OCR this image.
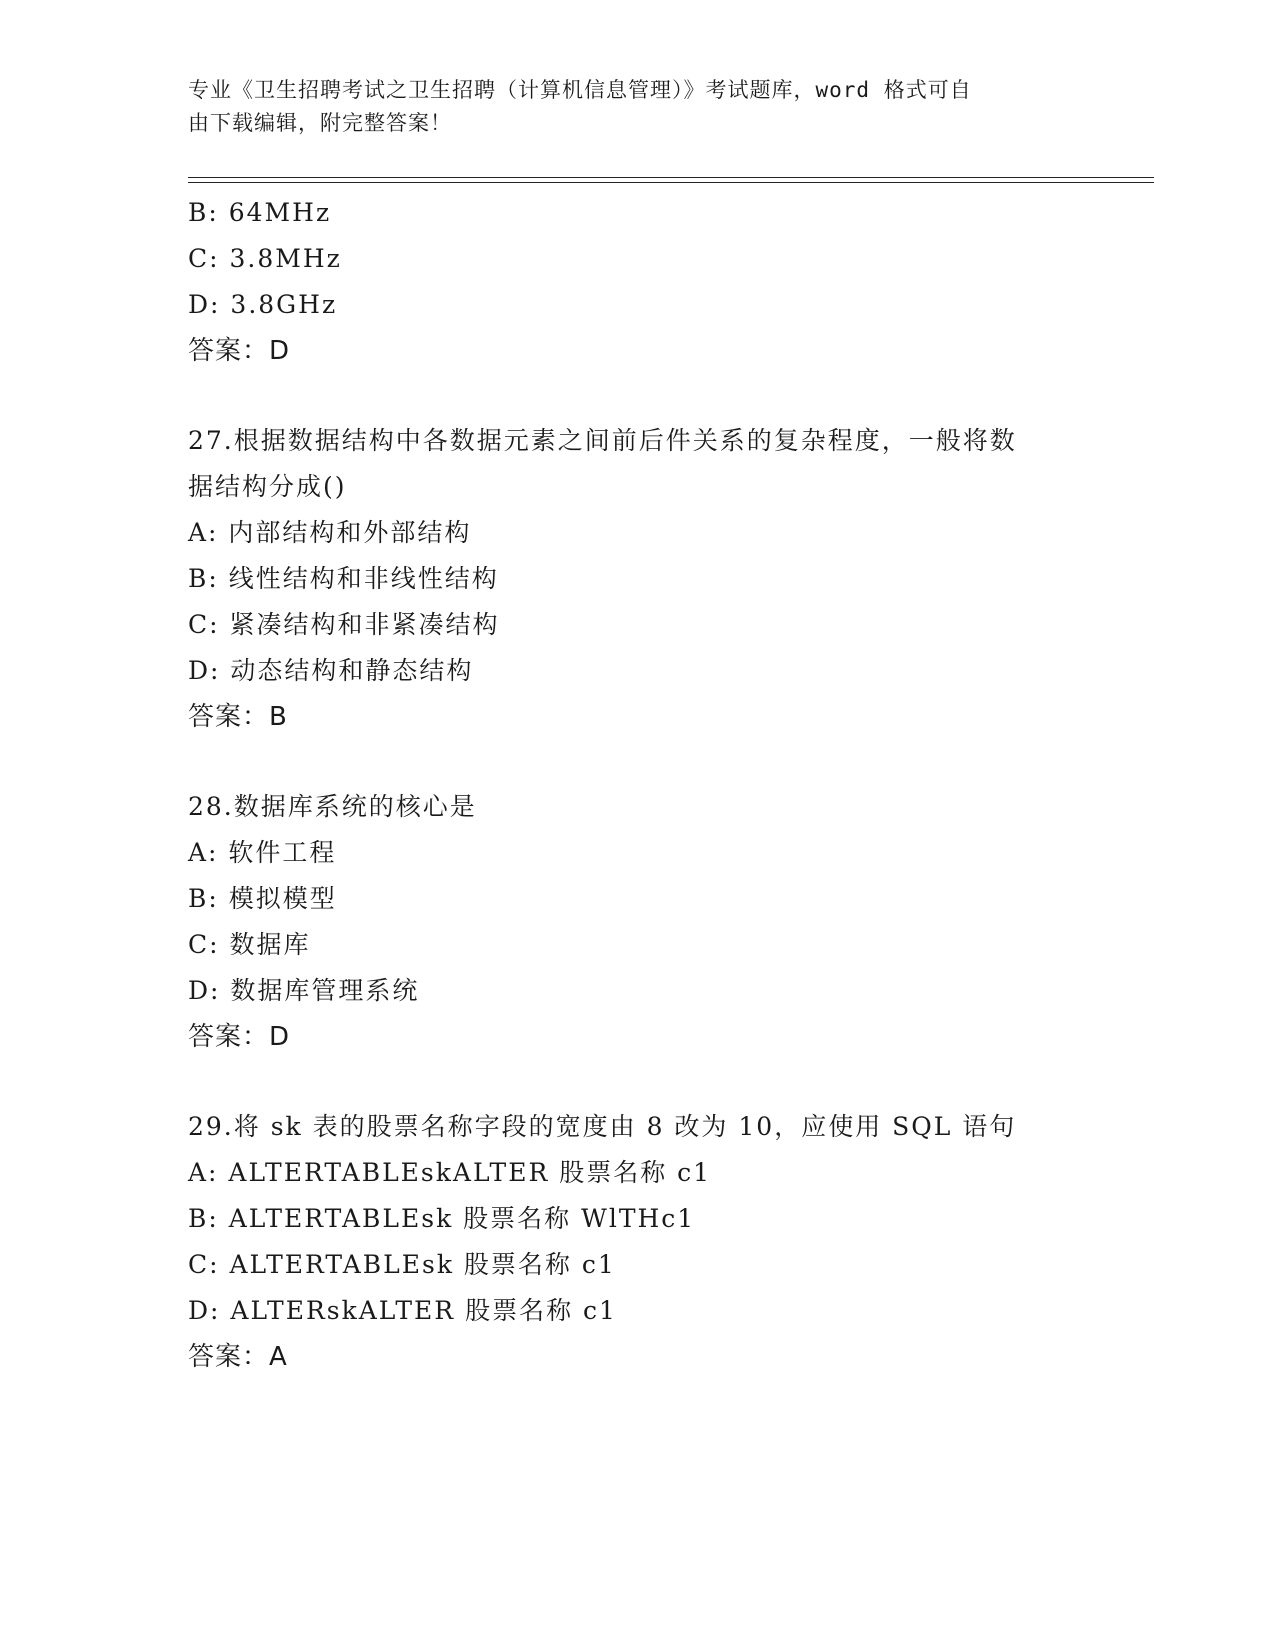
专业《卫生招聘考试之卫生招聘（计算机信息管理）》考试题库，word 格式可自
由下载编辑，附完整答案！
B: 64MHz
C: 3.8MHz
D: 3.8GHz
答案：D
27.根据数据结构中各数据元素之间前后件关系的复杂程度，一般将数
据结构分成()
A: 内部结构和外部结构
B: 线性结构和非线性结构
C: 紧凑结构和非紧凑结构
D: 动态结构和静态结构
答案：B
28.数据库系统的核心是
A: 软件工程
B: 模拟模型
C: 数据库
D: 数据库管理系统
答案：D
29.将 sk 表的股票名称字段的宽度由 8 改为 10，应使用 SQL 语句
A: ALTERTABLEskALTER 股票名称 c1
B: ALTERTABLEsk 股票名称 WlTHc1
C: ALTERTABLEsk 股票名称 c1
D: ALTERskALTER 股票名称 c1
答案：A
